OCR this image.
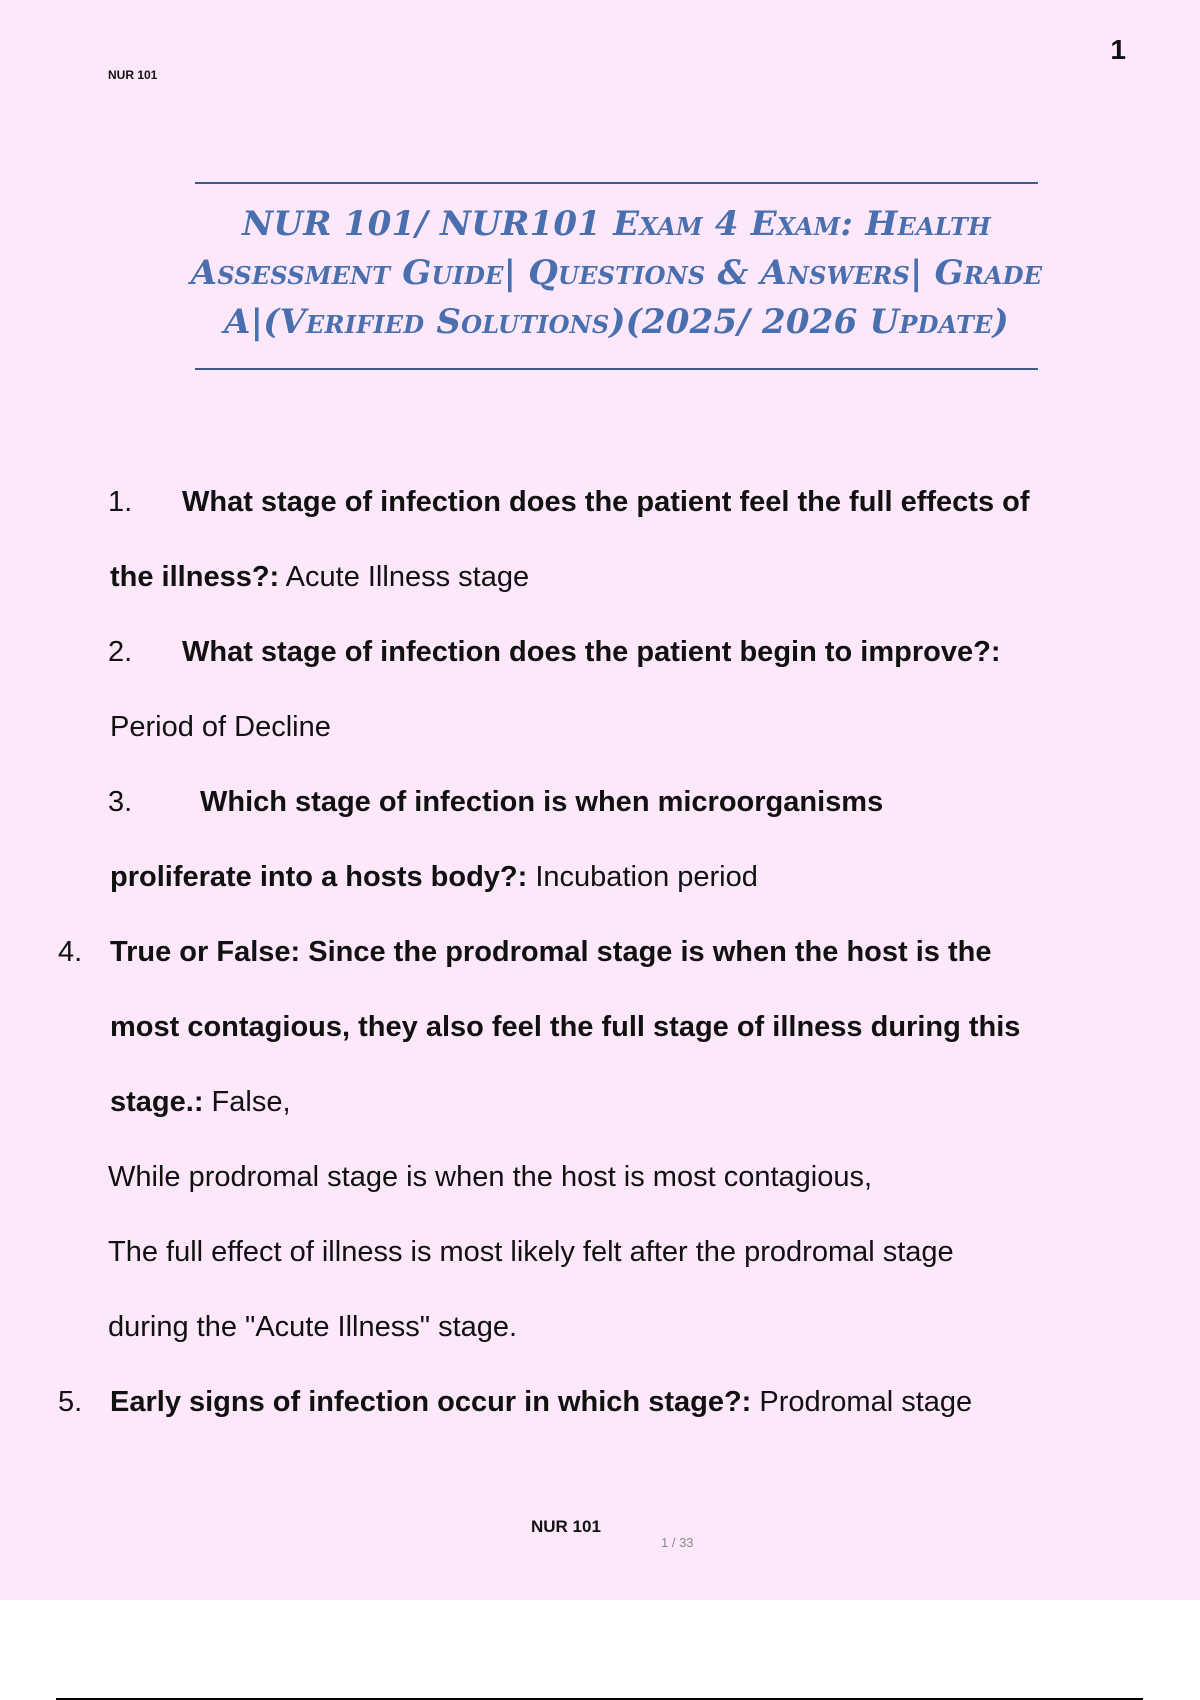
NUR 101
1
NUR 101/ NUR101 Exam 4 Exam: Health
Assessment Guide| Questions & Answers| Grade
A|(Verified Solutions)(2025/ 2026 Update)
1. What stage of infection does the patient feel the full effects of
the illness?: Acute Illness stage
2. What stage of infection does the patient begin to improve?:
Period of Decline
3. Which stage of infection is when microorganisms
proliferate into a hosts body?: Incubation period
4. True or False: Since the prodromal stage is when the host is the
most contagious, they also feel the full stage of illness during this
stage.: False,
While prodromal stage is when the host is most contagious,
The full effect of illness is most likely felt after the prodromal stage
during the "Acute Illness" stage.
5. Early signs of infection occur in which stage?: Prodromal stage
NUR 101
1 / 33
